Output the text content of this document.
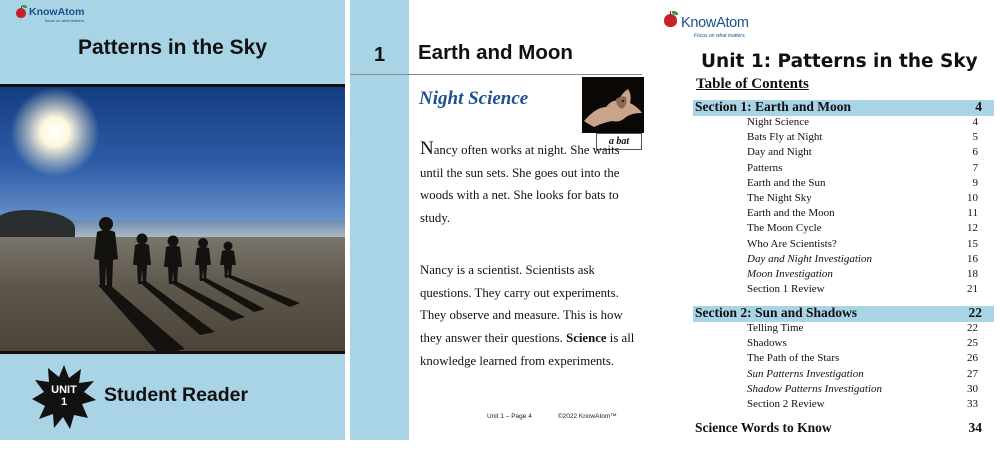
KnowAtom
focus on what matters.
Patterns in the Sky
UNIT
1	Student Reader
1	Earth and Moon
Night Science
a bat
Nancy often works at night. She waits until the sun sets. She goes out into the woods with a net. She looks for bats to study.
Nancy is a scientist. Scientists ask questions. They carry out experiments. They observe and measure. This is how they answer their questions. Science is all knowledge learned from experiments.
Unit 1 – Page 4	©2022 KnowAtom™
KnowAtom
Focus on what matters.
Unit 1: Patterns in the Sky
Table of Contents
Section 1: Earth and Moon	4
Night Science	4
Bats Fly at Night	5
Day and Night	6
Patterns	7
Earth and the Sun	9
The Night Sky	10
Earth and the Moon	11
The Moon Cycle	12
Who Are Scientists?	15
Day and Night Investigation	16
Moon Investigation	18
Section 1 Review	21
Section 2: Sun and Shadows	22
Telling Time	22
Shadows	25
The Path of the Stars	26
Sun Patterns Investigation	27
Shadow Patterns Investigation	30
Section 2 Review	33
Science Words to Know	34
